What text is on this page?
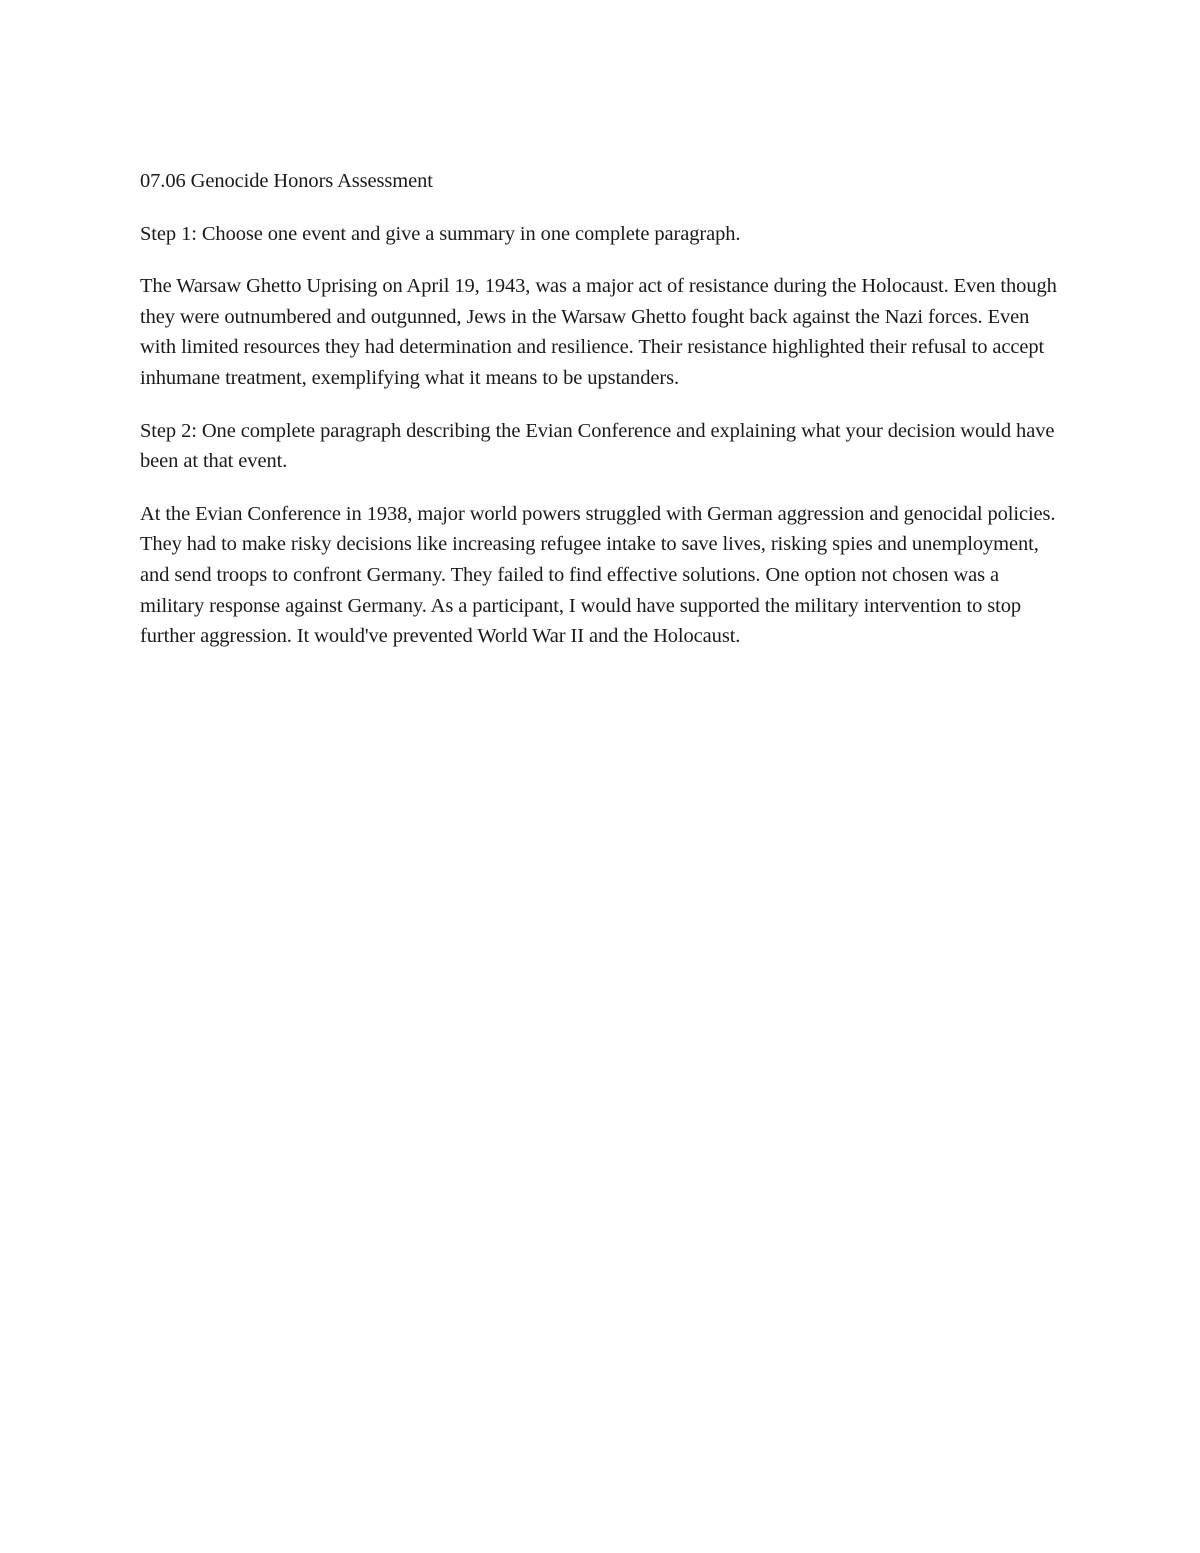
07.06 Genocide Honors Assessment

Step 1: Choose one event and give a summary in one complete paragraph.

The Warsaw Ghetto Uprising on April 19, 1943, was a major act of resistance during the Holocaust. Even though they were outnumbered and outgunned, Jews in the Warsaw Ghetto fought back against the Nazi forces. Even with limited resources they had determination and resilience. Their resistance highlighted their refusal to accept inhumane treatment, exemplifying what it means to be upstanders.

Step 2: One complete paragraph describing the Evian Conference and explaining what your decision would have been at that event.

At the Evian Conference in 1938, major world powers struggled with German aggression and genocidal policies. They had to make risky decisions like increasing refugee intake to save lives, risking spies and unemployment, and send troops to confront Germany. They failed to find effective solutions. One option not chosen was a military response against Germany. As a participant, I would have supported the military intervention to stop further aggression. It would've prevented World War II and the Holocaust.
